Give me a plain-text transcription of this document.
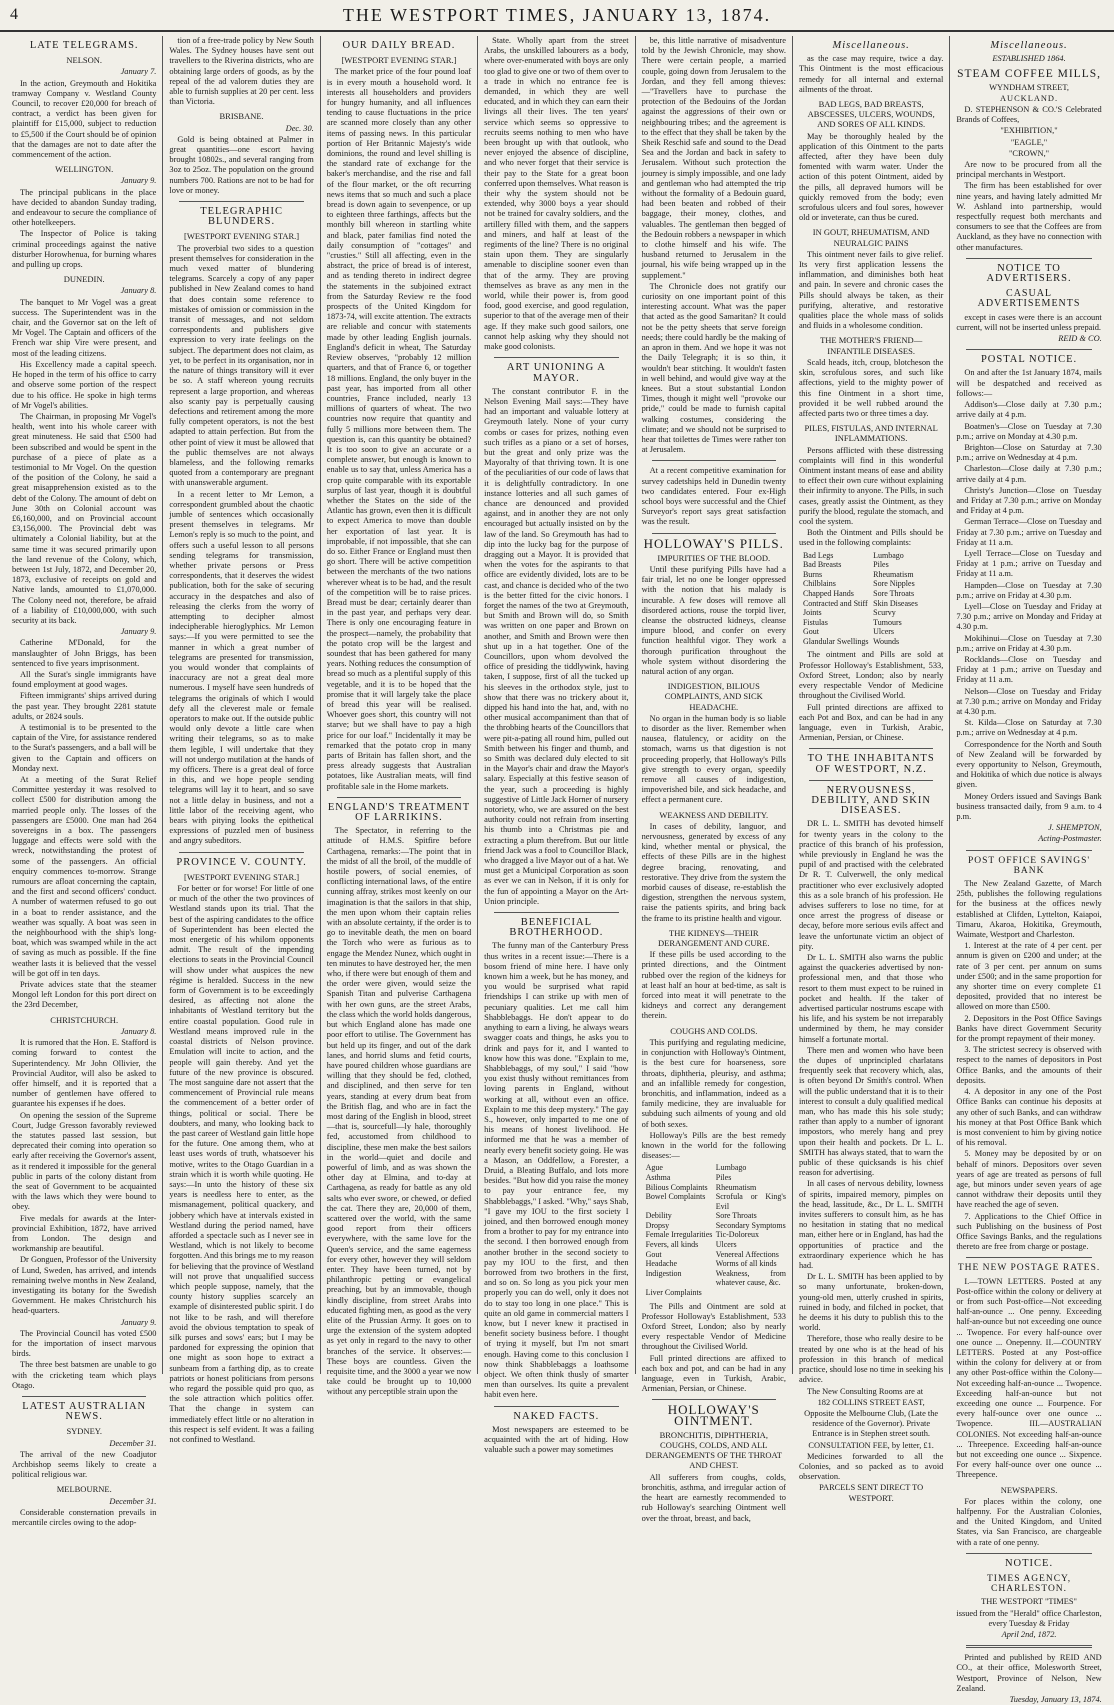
4	THE WESTPORT TIMES, JANUARY 13, 1874.
LATE TELEGRAMS.
NELSON.

January 7.

In the action, Greymouth and Hokitika tramway Company v. Westland County Council, to recover £20,000 for breach of contract, a verdict has been given for plaintiff for £15,000, subject to reduction to £5,500 if the Court should be of opinion that the damages are not to date after the commencement of the action.

WELLINGTON.

January 9.

The principal publicans in the place have decided to abandon Sunday trading, and endeavour to secure the compliance of other hotelkeepers.

The Inspector of Police is taking criminal proceedings against the native disturber Horowhenua, for burning whares and pulling up crops.

DUNEDIN.

January 8.

The banquet to Mr Vogel was a great success. The Superintendent was in the chair, and the Governor sat on the left of Mr Vogel. The Captain and officers of the French war ship Vire were present, and most of the leading citizens.

His Excellency made a capital speech. He hoped in the term of his office to carry and observe some portion of the respect due to his office. He spoke in high terms of Mr Vogel's abilities.

The Chairman, in proposing Mr Vogel's health, went into his whole career with great minuteness. He said that £500 had been subscribed and would be spent in the purchase of a piece of plate as a testimonial to Mr Vogel. On the question of the position of the Colony, he said a great misapprehension existed as to the debt of the Colony. The amount of debt on June 30th on Colonial account was £6,160,000, and on Provincial account £3,156,000. The Provincial debt was ultimately a Colonial liability, but at the same time it was secured primarily upon the land revenue of the Colony, which, between 1st July, 1872, and December 20, 1873, exclusive of receipts on gold and Native lands, amounted to £1,070,000. The Colony need not, therefore, be afraid of a liability of £10,000,000, with such security at its back.

January 9.

Catherine M'Donald, for the manslaughter of John Briggs, has been sentenced to five years imprisonment.

All the Surat's single immigrants have found employment at good wages.

Fifteen immigrants' ships arrived during the past year. They brought 2281 statute adults, or 2824 souls.

A testimonial is to be presented to the captain of the Vire, for assistance rendered to the Surat's passengers, and a ball will be given to the Captain and officers on Monday next.

At a meeting of the Surat Relief Committee yesterday it was resolved to collect £500 for distribution among the married people only. The losses of the passengers are £5000. One man had 264 sovereigns in a box. The passengers luggage and effects were sold with the wreck, notwithstanding the protest of some of the passengers. An official enquiry commences to-morrow. Strange rumours are afloat concerning the captain, and the first and second officers' conduct. A number of watermen refused to go out in a boat to render assistance, and the weather was squally. A boat was seen in the neighbourhood with the ship's long-boat, which was swamped while in the act of saving as much as possible. If the fine weather lasts it is believed that the vessel will be got off in ten days.

Private advices state that the steamer Mongol left London for this port direct on the 23rd December,

CHRISTCHURCH.

January 8.

It is rumored that the Hon. E. Stafford is coming forward to contest the Superintendency. Mr John Ollivier, the Provincial Auditor, will also be asked to offer himself, and it is reported that a number of gentlemen have offered to guarantee his expenses if he does.

On opening the session of the Supreme Court, Judge Gresson favorably reviewed the statutes passed last session, but deprecated their coming into operation so early after receiving the Governor's assent, as it rendered it impossible for the general public in parts of the colony distant from the seat of Government to be acquainted with the laws which they were bound to obey.

Five medals for awards at the Inter-provincial Exhibition, 1872, have arrived from London. The design and workmanship are beautiful.

Dr Gonguen, Professor of the University of Lund, Sweden, has arrived, and intends remaining twelve months in New Zealand, investigating its botany for the Swedish Government. He makes Christchurch his head-quarters.

January 9.

The Provincial Council has voted £500 for the importation of insect marvous birds.

The three best batsmen are unable to go with the cricketing team which plays Otago.

LATEST AUSTRALIAN NEWS.
SYDNEY.

December 31.

The arrival of the new Coadjutor Archbishop seems likely to create a political religious war.

MELBOURNE.

December 31.

Considerable consternation prevails in mercantile circles owing to the adop-

tion of a free-trade policy by New South Wales. The Sydney houses have sent out travellers to the Riverina districts, who are obtaining large orders of goods, as by the repeal of the ad valorem duties they are able to furnish supplies at 20 per cent. less than Victoria.

BRISBANE.

Dec. 30.

Gold is being obtained at Palmer in great quantities—one escort having brought 10802s., and several ranging from 3oz to 25oz. The population on the ground numbers 700. Rations are not to be had for love or money.

TELEGRAPHIC BLUNDERS.
[WESTPORT EVENING STAR.]

The proverbial two sides to a question present themselves for consideration in the much vexed matter of blundering telegrams. Scarcely a copy of any paper published in New Zealand comes to hand that does contain some reference to mistakes of omission or commission in the transit of messages, and not seldom correspondents and publishers give expression to very irate feelings on the subject. The department does not claim, as yet, to be perfect in its organisation, nor in the nature of things transitory will it ever be so. A staff whereon young recruits represent a large proportion, and whereas also scanty pay is perpetually causing defections and retirement among the more fully competent operators, is not the best adapted to attain perfection. But from the other point of view it must be allowed that the public themselves are not always blameless, and the following remarks quoted from a contemporary are pregnant with unanswerable argument.

In a recent letter to Mr Lemon, a correspondent grumbled about the chaotic jumble of sentences which occasionally present themselves in telegrams. Mr Lemon's reply is so much to the point, and offers such a useful lesson to all persons sending telegrams for transmission, whether private persons or Press correspondents, that it deserves the widest publication, both for the sake of securing accuracy in the despatches and also of releasing the clerks from the worry of attempting to decipher almost indecipherable hieroglyphics. Mr Lemon says:—If you were permitted to see the manner in which a great number of telegrams are presented for transmission, you would wonder that complaints of inaccuracy are not a great deal more numerous. I myself have seen hundreds of telegrams the originals of which I would defy all the cleverest male or female operators to make out. If the outside public would only devote a little care when writing their telegrams, so as to make them legible, I will undertake that they will not undergo mutilation at the hands of my officers. There is a great deal of force in this, and we hope people sending telegrams will lay it to heart, and so save not a little delay in business, and not a little labor of the receiving agent, who bears with pitying looks the epithetical expressions of puzzled men of business and angry subeditors.

PROVINCE V. COUNTY.
[WESTPORT EVENING STAR.]

For better or for worse! For little of one or much of the other the two provinces of Westland stands upon its trial. That the best of the aspiring candidates to the office of Superintendent has been elected the most energetic of his whilom opponents admit. The result of the impending elections to seats in the Provincial Council will show under what auspices the new régime is heralded. Success in the new form of Government is to be exceedingly desired, as affecting not alone the inhabitants of Westland territory but the entire coastal population. Good rule in Westland means improved rule in the coastal districts of Nelson province. Emulation will incite to action, and the people will gain thereby. And yet the future of the new province is obscured. The most sanguine dare not assert that the commencement of Provincial rule means the commencement of a better order of things, political or social. There be doubters, and many, who looking back to the past career of Westland gain little hope for the future. One among them, who at least uses words of truth, whatsoever his motive, writes to the Otago Guardian in a strain which it is worth while quoting. He says:—In unto the history of these six years is needless here to enter, as the mismanagement, political quackery, and jobbery which have at intervals existed in Westland during the period named, have afforded a spectacle such as I never see in Westland, which is not likely to become forgotten. And this brings me to my reason for believing that the province of Westland will not prove that unqualified success which people suppose, namely, that the county history supplies scarcely an example of disinterested public spirit. I do not like to be rash, and will therefore avoid the obvious temptation to speak of silk purses and sows' ears; but I may be pardoned for expressing the opinion that one might as soon hope to extract a sunbeam from a farthing dip, as to create patriots or honest politicians from persons who regard the possible quid pro quo, as the sole attraction which politics offer. That the change in system can immediately effect little or no alteration in this respect is self evident. It was a failing not confined to Westland.

OUR DAILY BREAD.
[WESTPORT EVENING STAR.]

The market price of the four pound loaf is in every mouth a household word. It interests all householders and providers for hungry humanity, and all influences tending to cause fluctuations in the price are scanned more closely than any other items of passing news. In this particular portion of Her Britannic Majesty's wide dominions, the round and level shilling is the standard rate of exchange for the baker's merchandise, and the rise and fall of the flour market, or the oft recurring news items that so much and such a place bread is down again to sevenpence, or up to eighteen three farthings, affects but the monthly bill whereon in startling white and black, pater familias find noted the daily consumption of "cottages" and "crusties." Still all affecting, even in the abstract, the price of bread is of interest, and as tending thereto in indirect degree the statements in the subjoined extract from the Saturday Review re the food prospects of the United Kingdom for 1873-74, will excite attention. The extracts are reliable and concur with statements made by other leading English journals. England's deficit in wheat, The Saturday Review observes, "probably 12 million quarters, and that of France 6, or together 18 millions. England, the only buyer in the past year, has imported from all other countries, France included, nearly 13 millions of quarters of wheat. The two countries now require that quantity and fully 5 millions more between them. The question is, can this quantity be obtained? It is too soon to give an accurate or a complete answer, but enough is known to enable us to say that, unless America has a crop quite comparable with its exportable surplus of last year, though it is doubtful whether the States on the side of the Atlantic has grown, even then it is difficult to expect America to move than double her exportation of last year. It is improbable, if not impossible, that she can do so. Either France or England must then go short. There will be active competition between the merchants of the two nations wherever wheat is to be had, and the result of the competition will be to raise prices. Bread must be dear; certainly dearer than in the past year, and perhaps very dear. There is only one encouraging feature in the prospect—namely, the probability that the potato crop will be the largest and soundest that has been gathered for many years. Nothing reduces the consumption of bread so much as a plentiful supply of this vegetable, and it is to be hoped that the promise that it will largely take the place of bread this year will be realised. Whoever goes short, this country will not starve; but we shall have to pay a high price for our loaf." Incidentally it may be remarked that the potato crop in many parts of Britain has fallen short, and the press already suggests that Australian potatoes, like Australian meats, will find profitable sale in the Home markets.

ENGLAND'S TREATMENT OF LARRIKINS.

The Spectator, in referring to the attitude of H.M.S. Spitfire before Carthagena, remarks:—The point that in the midst of all the broil, of the muddle of hostile powers, of social enemies, of conflicting international laws, of the entire cunning affray, strikes most keenly on our imagination is that the sailors in that ship, the men upon whom their captain relies with an absolute certainty, if the order is to go to inevitable death, the men on board the Torch who were as furious as to engage the Mendez Nunez, which ought in ten minutes to have destroyed her, the men who, if there were but enough of them and the order were given, would seize the Spanish Titan and pulverise Carthagena with her own guns, are the street Arabs, the class which the world holds dangerous, but which England alone has made one poor effort to utilise. The Government has but held up its finger, and out of the dark lanes, and horrid slums and fetid courts, have poured children whose guardians are willing that they should be fed, clothed, and disciplined, and then serve for ten years, standing at every drum beat from the British flag, and who are in fact the most daring of the English in blood, street—that is, sourcefull—ly hale, thoroughly fed, accustomed from childhood to discipline, these men make the best sailors in the world—quiet and docile and powerful of limb, and as was shown the other day at Elmina, and to-day at Carthagena, as ready for battle as any old salts who ever swore, or chewed, or defied the cat. There they are, 20,000 of them, scattered over the world, with the same good report from their officers everywhere, with the same love for the Queen's service, and the same eagerness for every other, however they will seldom enter. They have been turned, not by philanthropic petting or evangelical preaching, but by an immovable, though kindly discipline, from street Arabs into educated fighting men, as good as the very elite of the Prussian Army. It goes on to urge the extension of the system adopted as yet only in regard to the navy to other branches of the service. It observes:—These boys are countless. Given the requisite time, and the 3000 a year we now take could be brought up to 10,000 without any perceptible strain upon the

State. Wholly apart from the street Arabs, the unskilled labourers as a body, where over-enumerated with boys are only too glad to give one or two of them over to a trade in which no entrance fee is demanded, in which they are well educated, and in which they can earn their livings all their lives. The ten years' service which seems so oppressive to recruits seems nothing to men who have been brought up with that outlook, who never enjoyed the absence of discipline, and who never forget that their service is their pay to the State for a great boon conferred upon themselves. What reason is their why the system should not be extended, why 3000 boys a year should not be trained for cavalry soldiers, and the artillery filled with them, and the sappers and miners, and half at least of the regiments of the line? There is no original stain upon them. They are singularly amenable to discipline sooner even than that of the army. They are proving themselves as brave as any men in the world, while their power is, from good food, good exercise, and good regulation, superior to that of the average men of their age. If they make such good sailors, one cannot help asking why they should not make good colonists.

ART UNIONING A MAYOR.

The constant contributor F. in the Nelson Evening Mail says:—They have had an important and valuable lottery at Greymouth lately. None of your curry combs or cases for prizes, nothing even such trifles as a piano or a set of horses, but the great and only prize was the Mayoralty of that thriving town. It is one of the peculiarities of our code of laws that it is delightfully contradictory. In one instance lotteries and all such games of chance are denounced and provided against, and in another they are not only encouraged but actually insisted on by the law of the land. So Greymouth has had to dip into the lucky bag for the purpose of dragging out a Mayor. It is provided that when the votes for the aspirants to that office are evidently divided, lots are to be cast, and chance is decided who of the two is the better fitted for the civic honors. I forget the names of the two at Greymouth, but Smith and Brown will do, so Smith was written on one paper and Brown on another, and Smith and Brown were then shut up in a hat together. One of the Councillors, upon whom devolved the office of presiding the tiddlywink, having taken, I suppose, first of all the tucked up his sleeves in the orthodox style, just to show that there was no trickery about it, dipped his hand into the hat, and, with no other musical accompaniment than that of the throbbing hearts of the Councillors that were pit-a-pating all round him, pulled out Smith between his finger and thumb, and so Smith was declared duly elected to sit in the Mayor's chair and draw the Mayor's salary. Especially at this festive season of the year, such a proceeding is highly suggestive of Little Jack Horner of nursery notoriety, who, we are assured on the best authority could not refrain from inserting his thumb into a Christmas pie and extracting a plum therefrom. But our little friend Jack was a fool to Councillor Black, who dragged a live Mayor out of a hat. We must get a Municipal Corporation as soon as ever we can in Nelson, if it is only for the fun of appointing a Mayor on the Art-Union principle.

BENEFICIAL BROTHERHOOD.

The funny man of the Canterbury Press thus writes in a recent issue:—There is a bosom friend of mine here. I have only known him a week, but he has money, and you would be surprised what rapid friendships I can strike up with men of pecuniary qualities. Let me call him Shabblebaggs. He don't appear to do anything to earn a living, he always wears swagger coats and things, he asks you to drink and pays for it, and I wanted to know how this was done. "Explain to me, Shabblebaggs, of my soul," I said "how you exist thusly without remittances from loving parents in England, without working at all, without even an office. Explain to me this deep mystery." The gay S., however, only imparted to me one of his means of honest livelihood. He informed me that he was a member of nearly every benefit society going. He was a Mason, an Oddfellow, a Forester, a Druid, a Bleating Buffalo, and lots more besides. "But how did you raise the money to pay your entrance fee, my Shabblebaggs," I asked. "Why," says Shab, "I gave my IOU to the first society I joined, and then borrowed enough money from a brother to pay for my entrance into the second. I then borrowed enough from another brother in the second society to pay my IOU to the first, and then borrowed from two brothers in the first, and so on. So long as you pick your men properly you can do well, only it does not do to stay too long in one place." This is quite an old game in commercial matters I know, but I never knew it practised in benefit society business before. I thought of trying it myself, but I'm not smart enough. Having come to this conclusion I now think Shabblebaggs a loathsome object. We often think thusly of smarter men than ourselves. Its quite a prevalent habit even here.

NAKED FACTS.

Most newspapers are esteemed to be acquainted with the art of hiding. How valuable such a power may sometimes

be, this little narrative of misadventure told by the Jewish Chronicle, may show. There were certain people, a married couple, going down from Jerusalem to the Jordan, and they fell among thieves:—"Travellers have to purchase the protection of the Bedouins of the Jordan against the aggressions of their own or neighbouring tribes; and the agreement is to the effect that they shall be taken by the Sheik Reschid safe and sound to the Dead Sea and the Jordan and back in safety to Jerusalem. Without such protection the journey is simply impossible, and one lady and gentleman who had attempted the trip without the formality of a Bedouin guard, had been beaten and robbed of their baggage, their money, clothes, and valuables. The gentleman then begged of the Bedouin robbers a newspaper in which to clothe himself and his wife. The husband returned to Jerusalem in the journal, his wife being wrapped up in the supplement."

The Chronicle does not gratify our curiosity on one important point of this interesting account. What was the paper that acted as the good Samaritan? It could not be the petty sheets that serve foreign needs; there could hardly be the making of an apron in them. And we hope it was not the Daily Telegraph; it is so thin, it wouldn't bear stitching. It wouldn't fasten in well behind, and would give way at the knees. But a stout substantial London Times, though it might well "provoke our pride," could be made to furnish capital walking costumes, considering the climate; and we should not be surprised to hear that toilettes de Times were rather ton at Jerusalem.

At a recent competitive examination for survey cadetships held in Dunedin twenty two candidates entered. Four ex-High school boys were successful and the Chief Surveyor's report says great satisfaction was the result.

HOLLOWAY'S PILLS.
IMPURITIES OF THE BLOOD.

Until these purifying Pills have had a fair trial, let no one be longer oppressed with the notion that his malady is incurable. A few doses will remove all disordered actions, rouse the torpid liver, cleanse the obstructed kidneys, cleanse impure blood, and confer on every function healthful vigor. They work a thorough purification throughout the whole system without disordering the natural action of any organ.

INDIGESTION, BILIOUS COMPLAINTS, AND SICK HEADACHE.

No organ in the human body is so liable to disorder as the liver. Remember when nausea, flatulency, or acidity on the stomach, warns us that digestion is not proceeding properly, that Holloway's Pills give strength to every organ, speedily remove all causes of indigestion, impoverished bile, and sick headache, and effect a permanent cure.

WEAKNESS AND DEBILITY.

In cases of debility, languor, and nervousness, generated by excess of any kind, whether mental or physical, the effects of these Pills are in the highest degree bracing, renovating, and restorative. They drive from the system the morbid causes of disease, re-establish the digestion, strengthen the nervous system, raise the patients spirits, and bring back the frame to its pristine health and vigour.

THE KIDNEYS—THEIR DERANGEMENT AND CURE.

If these pills be used according to the printed directions, and the Ointment rubbed over the region of the kidneys for at least half an hour at bed-time, as salt is forced into meat it will penetrate to the kidneys and correct any derangement therein.

COUGHS AND COLDS.

This purifying and regulating medicine, in conjunction with Holloway's Ointment, is the best cure for hoarseness, sore throats, diphtheria, pleurisy, and asthma; and an infallible remedy for congestion, bronchitis, and inflammation, indeed as a family medicine, they are invaluable for subduing such ailments of young and old of both sexes.

Holloway's Pills are the best remedy known in the world for the following diseases:—

Ague	Lumbago
Asthma	Piles
Bilious Complaints	Rheumatism
Bowel Complaints	Scrofula or King's Evil
Debility	Sore Throats
Dropsy	Secondary Symptoms
Female Irregularities Tic-Doloreux
Fevers, all kinds	Ulcers
Gout	Venereal Affections
Headache	Worms of all kinds
Indigestion	Weakness, from whatever cause, &c.
Liver Complaints

The Pills and Ointment are sold at Professor Holloway's Establishment, 533 Oxford Street, London; also by nearly every respectable Vendor of Medicine throughout the Civilised World.

Full printed directions are affixed to each box and pot, and can be had in any language, even in Turkish, Arabic, Armenian, Persian, or Chinese.

HOLLOWAY'S OINTMENT.
BRONCHITIS, DIPHTHERIA, COUGHS, COLDS, AND ALL DERANGEMENTS OF THE THROAT AND CHEST.

All sufferers from coughs, colds, bronchitis, asthma, and irregular action of the heart are earnestly recommended to rub Holloway's searching Ointment well over the throat, breast, and back,

Miscellaneous.

as the case may require, twice a day. This Ointment is the most efficacious remedy for all internal and external ailments of the throat.

BAD LEGS, BAD BREASTS, ABSCESSES, ULCERS, WOUNDS, AND SORES OF ALL KINDS.

May be thoroughly healed by the application of this Ointment to the parts affected, after they have been duly fomented with warm water. Under the action of this potent Ointment, aided by the pills, all depraved humors will be quickly removed from the body; even scrofulous ulcers and foul sores, however old or inveterate, can thus be cured.

IN GOUT, RHEUMATISM, AND NEURALGIC PAINS

This ointment never fails to give relief. Its very first application lessens the inflammation, and diminishes both heat and pain. In severe and chronic cases the Pills should always be taken, as their purifying, alterative, and restorative qualities place the whole mass of solids and fluids in a wholesome condition.

THE MOTHER'S FRIEND—INFANTILE DISEASES.

Scald heads, itch, croup, blotcheson the skin, scrofulous sores, and such like affections, yield to the mighty power of this fine Ointment in a short time, provided it be well rubbed around the affected parts two or three times a day.

PILES, FISTULAS, AND INTERNAL INFLAMMATIONS.

Persons afflicted with these distressing complaints will find in this wonderful Ointment instant means of ease and ability to effect their own cure without explaining their infirmity to anyone. The Pills, in such cases, greatly assist the Ointment, as they purify the blood, regulate the stomach, and cool the system.

Both the Ointment and Pills should be used in the following complaints:

Bad Legs	Lumbago
Bad Breasts	Piles
Burns	Rheumatism
Chilblains	Sore Nipples
Chapped Hands	Sore Throats
Contracted and Stiff Skin Diseases
Joints	Scurvy
Fistulas	Tumours
Gout	Ulcers
Glandular Swellings Wounds

The ointment and Pills are sold at Professor Holloway's Establishment, 533, Oxford Street, London; also by nearly every respectable Vendor of Medicine throughout the Civilised World.

Full printed directions are affixed to each Pot and Box, and can be had in any language, even in Turkish, Arabic, Armenian, Persian, or Chinese.

TO THE INHABITANTS OF WESTPORT, N.Z.
NERVOUSNESS, DEBILITY, AND SKIN DISEASES.

DR L. L. SMITH has devoted himself for twenty years in the colony to the practice of this branch of his profession, while previously in England he was the pupil of and practised with the celebrated Dr R. T. Culverwell, the only medical practitioner who ever exclusively adopted this as a sole branch of his profession. He advises sufferers to lose no time, for at once arrest the progress of disease or decay, before more serious evils affect and leave the unfortunate victim an object of pity.

Dr L. L. SMITH also warns the public against the quackeries advertised by non-professional men, and that those who resort to them must expect to be ruined in pocket and health. If the taker of advertised particular nostrums escape with his life, and his system be not irreparably undermined by them, he may consider himself a fortunate mortal.

There men and women who have been the dupes of unprincipled charlatans frequently seek that recovery which, alas, is often beyond Dr Smith's control. When will the public understand that it is to their interest to consult a duly qualified medical man, who has made this his sole study; rather than apply to a number of ignorant impostors, who merely hang and prey upon their health and pockets. Dr L. L. SMITH has always stated, that to warn the public of these quicksands is his chief reason for advertising.

In all cases of nervous debility, lowness of spirits, impaired memory, pimples on the head, lassitude, &c., Dr L. L. SMITH invites sufferers to consult him, as he has no hesitation in stating that no medical man, either here or in England, has had the opportunities of practice and the extraordinary experience which he has had.

Dr L. L. SMITH has been applied to by so many unfortunate, broken-down, young-old men, utterly crushed in spirits, ruined in body, and filched in pocket, that he deems it his duty to publish this to the world.

Therefore, those who really desire to be treated by one who is at the head of his profession in this branch of medical practice, should lose no time in seeking his advice.

The New Consulting Rooms are at

182 COLLINS STREET EAST,

Opposite the Melbourne Club, (Late the residence of the Governor). Private Entrance is in Stephen street south.

CONSULTATION FEE, by letter, £1.

Medicines forwarded to all the Colonies, and so packed as to avoid observation.

PARCELS SENT DIRECT TO WESTPORT.

Miscellaneous.

ESTABLISHED 1864.

STEAM COFFEE MILLS,

WYNDHAM STREET,

AUCKLAND.

D. STEPHENSON & CO.'S Celebrated Brands of Coffees,

"EXHIBITION,"

"EAGLE,"

"CROWN,"

Are now to be procured from all the principal merchants in Westport.

The firm has been established for over nine years, and having lately admitted Mr W. Ashland into partnership, would respectfully request both merchants and consumers to see that the Coffees are from Auckland, as they have no connection with other manufactures.

NOTICE TO ADVERTISERS.
CASUAL ADVERTISEMENTS

except in cases were there is an account current, will not be inserted unless prepaid.

REID & CO.

POSTAL NOTICE.

On and after the 1st January 1874, mails will be despatched and received as follows:—

Addison's—Close daily at 7.30 p.m.; arrive daily at 4 p.m.

Boatmen's—Close on Tuesday at 7.30 p.m.; arrive on Monday at 4.30 p.m.

Brighton—Close on Saturday at 7.30 p.m.; arrive on Wednesday at 4 p.m.

Charleston—Close daily at 7.30 p.m.; arrive daily at 4 p.m.

Christy's Junction—Close on Tuesday and Friday at 7.30 p.m.; arrive on Monday and Friday at 4 p.m.

German Terrace—Close on Tuesday and Friday at 7.30 p.m.; arrive on Tuesday and Friday at 11 a.m.

Lyell Terrace—Close on Tuesday and Friday at 1 p.m.; arrive on Tuesday and Friday at 11 a.m.

Hampden—Close on Tuesday at 7.30 p.m.; arrive on Friday at 4.30 p.m.

Lyell—Close on Tuesday and Friday at 7.30 p.m.; arrive on Monday and Friday at 4.30 p.m.

Mokihinui—Close on Tuesday at 7.30 p.m.; arrive on Friday at 4.30 p.m.

Rocklands—Close on Tuesday and Friday at 1 p.m.; arrive on Tuesday and Friday at 11 a.m.

Nelson—Close on Tuesday and Friday at 7.30 p.m.; arrive on Monday and Friday at 4.30 p.m.

St. Kilda—Close on Saturday at 7.30 p.m.; arrive on Wednesday at 4 p.m.

Correspondence for the North and South of New Zealand will be forwarded by every opportunity to Nelson, Greymouth, and Hokitika of which due notice is always given.

Money Orders issued and Savings Bank business transacted daily, from 9 a.m. to 4 p.m.

J. SHEMPTON,

Acting-Postmaster.

POST OFFICE SAVINGS' BANK

The New Zealand Gazette, of March 25th, publishes the following regulations for the business at the offices newly established at Clifden, Lyttelton, Kaiapoi, Timaru, Akaroa, Hokitika, Greymouth, Waimate, Westport and Charleston.

1. Interest at the rate of 4 per cent. per annum is given on £200 and under; at the rate of 3 per cent. per annum on sums under £500; and in the same proportion for any shorter time on every complete £1 deposited, provided that no interest be allowed on more than £500.

2. Depositors in the Post Office Savings Banks have direct Government Security for the prompt repayment of their money.

3. The strictest secrecy is observed with respect to the names of depositors in Post Office Banks, and the amounts of their deposits.

4. A depositor in any one of the Post Office Banks can continue his deposits at any other of such Banks, and can withdraw his money at that Post Office Bank which is most convenient to him by giving notice of his removal.

5. Money may be deposited by or on behalf of minors. Depositors over seven years of age are treated as persons of full age, but minors under seven years of age cannot withdraw their deposits until they have reached the age of seven.

7. Applications to the Chief Office in such Publishing on the business of Post Office Savings Banks, and the regulations thereto are free from charge or postage.

THE NEW POSTAGE RATES.

I.—TOWN LETTERS. Posted at any Post-office within the colony or delivery at or from such Post-office—Not exceeding half-an-ounce ... One penny. Exceeding half-an-ounce but not exceeding one ounce ... Twopence. For every half-ounce over one ounce ... Onepenny. II.—COUNTRY LETTERS. Posted at any Post-office within the colony for delivery at or from any other Post-office within the Colony—Not exceeding half-an-ounce ... Twopence. Exceeding half-an-ounce but not exceeding one ounce ... Fourpence. For every half-ounce over one ounce ... Twopence. III.—AUSTRALIAN COLONIES. Not exceeding half-an-ounce ... Threepence. Exceeding half-an-ounce but not exceeding one ounce ... Sixpence. For every half-ounce over one ounce ... Threepence.

NEWSPAPERS.

For places within the colony, one halfpenny. For the Australian Colonies, and the United Kingdom, and United States, via San Francisco, are chargeable with a rate of one penny.

NOTICE.
TIMES AGENCY, CHARLESTON.

THE WESTPORT "TIMES"

issued from the "Herald" office Charleston, every Tuesday & Friday

April 2nd, 1872.

Printed and published by REID AND CO., at their office, Molesworth Street, Westport, Province of Nelson, New Zealand.

Tuesday, January 13, 1874.
